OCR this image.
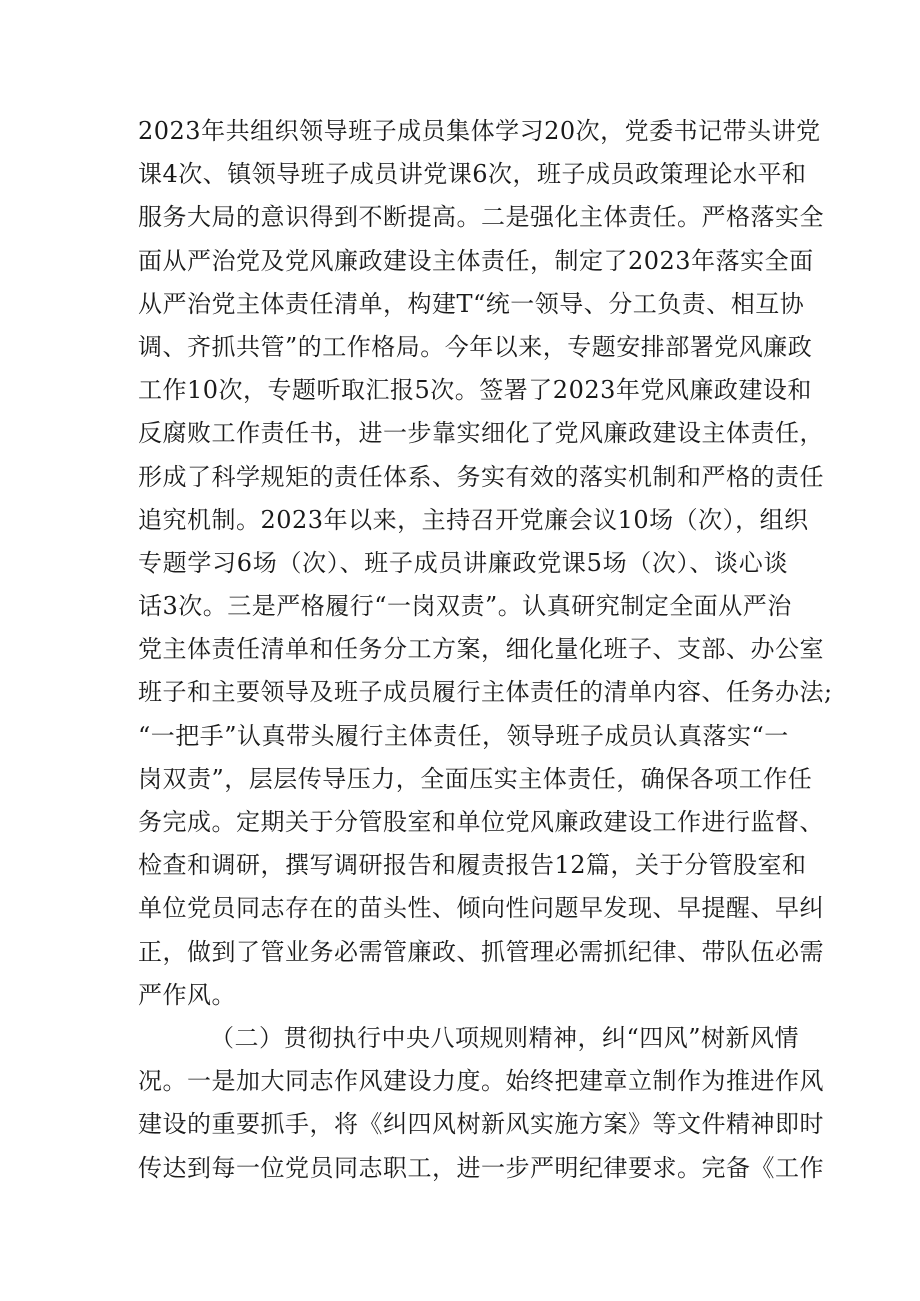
2023年共组织领导班子成员集体学习20次，党委书记带头讲党
课4次、镇领导班子成员讲党课6次，班子成员政策理论水平和
服务大局的意识得到不断提高。二是强化主体责任。严格落实全
面从严治党及党风廉政建设主体责任，制定了2023年落实全面
从严治党主体责任清单，构建T“统一领导、分工负责、相互协
调、齐抓共管”的工作格局。今年以来，专题安排部署党风廉政
工作10次，专题听取汇报5次。签署了2023年党风廉政建设和
反腐败工作责任书，进一步靠实细化了党风廉政建设主体责任，
形成了科学规矩的责任体系、务实有效的落实机制和严格的责任
追究机制。2023年以来，主持召开党廉会议10场（次），组织
专题学习6场（次）、班子成员讲廉政党课5场（次）、谈心谈
话3次。三是严格履行“一岗双责”。认真研究制定全面从严治
党主体责任清单和任务分工方案，细化量化班子、支部、办公室
班子和主要领导及班子成员履行主体责任的清单内容、任务办法;
“一把手”认真带头履行主体责任，领导班子成员认真落实“一
岗双责”，层层传导压力，全面压实主体责任，确保各项工作任
务完成。定期关于分管股室和单位党风廉政建设工作进行监督、
检查和调研，撰写调研报告和履责报告12篇，关于分管股室和
单位党员同志存在的苗头性、倾向性问题早发现、早提醒、早纠
正，做到了管业务必需管廉政、抓管理必需抓纪律、带队伍必需
严作风。
（二）贯彻执行中央八项规则精神，纠“四风”树新风情
况。一是加大同志作风建设力度。始终把建章立制作为推进作风
建设的重要抓手，将《纠四风树新风实施方案》等文件精神即时
传达到每一位党员同志职工，进一步严明纪律要求。完备《工作
